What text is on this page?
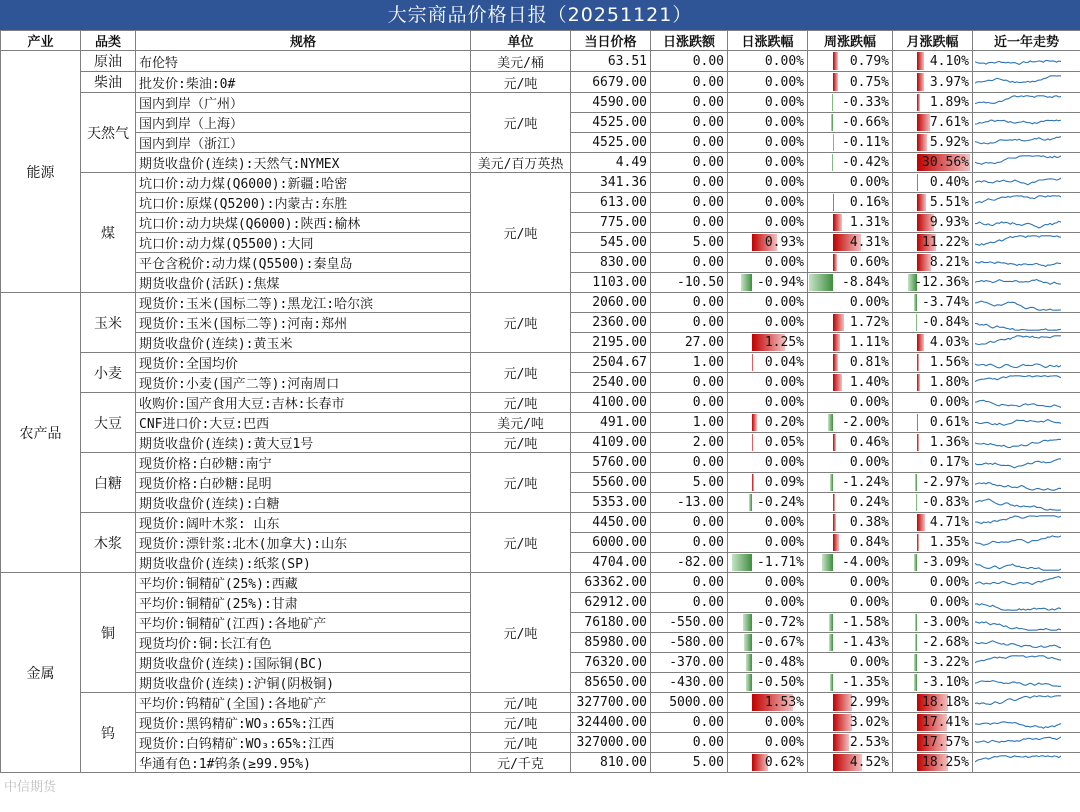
大宗商品价格日报（20251121）
产业	品类	规格	单位	当日价格	日涨跌额	日涨跌幅	周涨跌幅	月涨跌幅	近一年走势
能源	原油	布伦特	美元/桶	63.51	0.00	0.00%	0.79%	4.10%	

	柴油	批发价:柴油:0#	元/吨	6679.00	0.00	0.00%	0.75%	3.97%	

	天然气	国内到岸（广州）	元/吨	4590.00	0.00	0.00%	-0.33%	1.89%	

		国内到岸（上海）		4525.00	0.00	0.00%	-0.66%	7.61%	

		国内到岸（浙江）		4525.00	0.00	0.00%	-0.11%	5.92%	

		期货收盘价(连续):天然气:NYMEX	美元/百万英热	4.49	0.00	0.00%	-0.42%	30.56%	

	煤	坑口价:动力煤(Q6000):新疆:哈密	元/吨	341.36	0.00	0.00%	0.00%	0.40%	

		坑口价:原煤(Q5200):内蒙古:东胜		613.00	0.00	0.00%	0.16%	5.51%	

		坑口价:动力块煤(Q6000):陕西:榆林		775.00	0.00	0.00%	1.31%	9.93%	

		坑口价:动力煤(Q5500):大同		545.00	5.00	0.93%	4.31%	11.22%	

		平仓含税价:动力煤(Q5500):秦皇岛		830.00	0.00	0.00%	0.60%	8.21%	

		期货收盘价(活跃):焦煤		1103.00	-10.50	-0.94%	-8.84%	-12.36%	

农产品	玉米	现货价:玉米(国标二等):黑龙江:哈尔滨	元/吨	2060.00	0.00	0.00%	0.00%	-3.74%	

		现货价:玉米(国标二等):河南:郑州		2360.00	0.00	0.00%	1.72%	-0.84%	

		期货收盘价(连续):黄玉米		2195.00	27.00	1.25%	1.11%	4.03%	

	小麦	现货价:全国均价	元/吨	2504.67	1.00	0.04%	0.81%	1.56%	

		现货价:小麦(国产二等):河南周口		2540.00	0.00	0.00%	1.40%	1.80%	

	大豆	收购价:国产食用大豆:吉林:长春市	元/吨	4100.00	0.00	0.00%	0.00%	0.00%	

		CNF进口价:大豆:巴西	美元/吨	491.00	1.00	0.20%	-2.00%	0.61%	

		期货收盘价(连续):黄大豆1号	元/吨	4109.00	2.00	0.05%	0.46%	1.36%	

	白糖	现货价格:白砂糖:南宁	元/吨	5760.00	0.00	0.00%	0.00%	0.17%	

		现货价格:白砂糖:昆明		5560.00	5.00	0.09%	-1.24%	-2.97%	

		期货收盘价(连续):白糖		5353.00	-13.00	-0.24%	0.24%	-0.83%	

	木浆	现货价:阔叶木浆: 山东	元/吨	4450.00	0.00	0.00%	0.38%	4.71%	

		现货价:漂针浆:北木(加拿大):山东		6000.00	0.00	0.00%	0.84%	1.35%	

		期货收盘价(连续):纸浆(SP)		4704.00	-82.00	-1.71%	-4.00%	-3.09%	

金属	铜	平均价:铜精矿(25%):西藏	元/吨	63362.00	0.00	0.00%	0.00%	0.00%	

		平均价:铜精矿(25%):甘肃		62912.00	0.00	0.00%	0.00%	0.00%	

		平均价:铜精矿(江西):各地矿产		76180.00	-550.00	-0.72%	-1.58%	-3.00%	

		现货均价:铜:长江有色		85980.00	-580.00	-0.67%	-1.43%	-2.68%	

		期货收盘价(连续):国际铜(BC)		76320.00	-370.00	-0.48%	0.00%	-3.22%	

		期货收盘价(连续):沪铜(阴极铜)		85650.00	-430.00	-0.50%	-1.35%	-3.10%	

	钨	平均价:钨精矿(全国):各地矿产	元/吨	327700.00	5000.00	1.53%	2.99%	18.18%	

		现货价:黑钨精矿:WO₃:65%:江西	元/吨	324400.00	0.00	0.00%	3.02%	17.41%	

		现货价:白钨精矿:WO₃:65%:江西	元/吨	327000.00	0.00	0.00%	2.53%	17.57%	

		华通有色:1#钨条(≥99.95%)	元/千克	810.00	5.00	0.62%	4.52%	18.25%	
中信期货
